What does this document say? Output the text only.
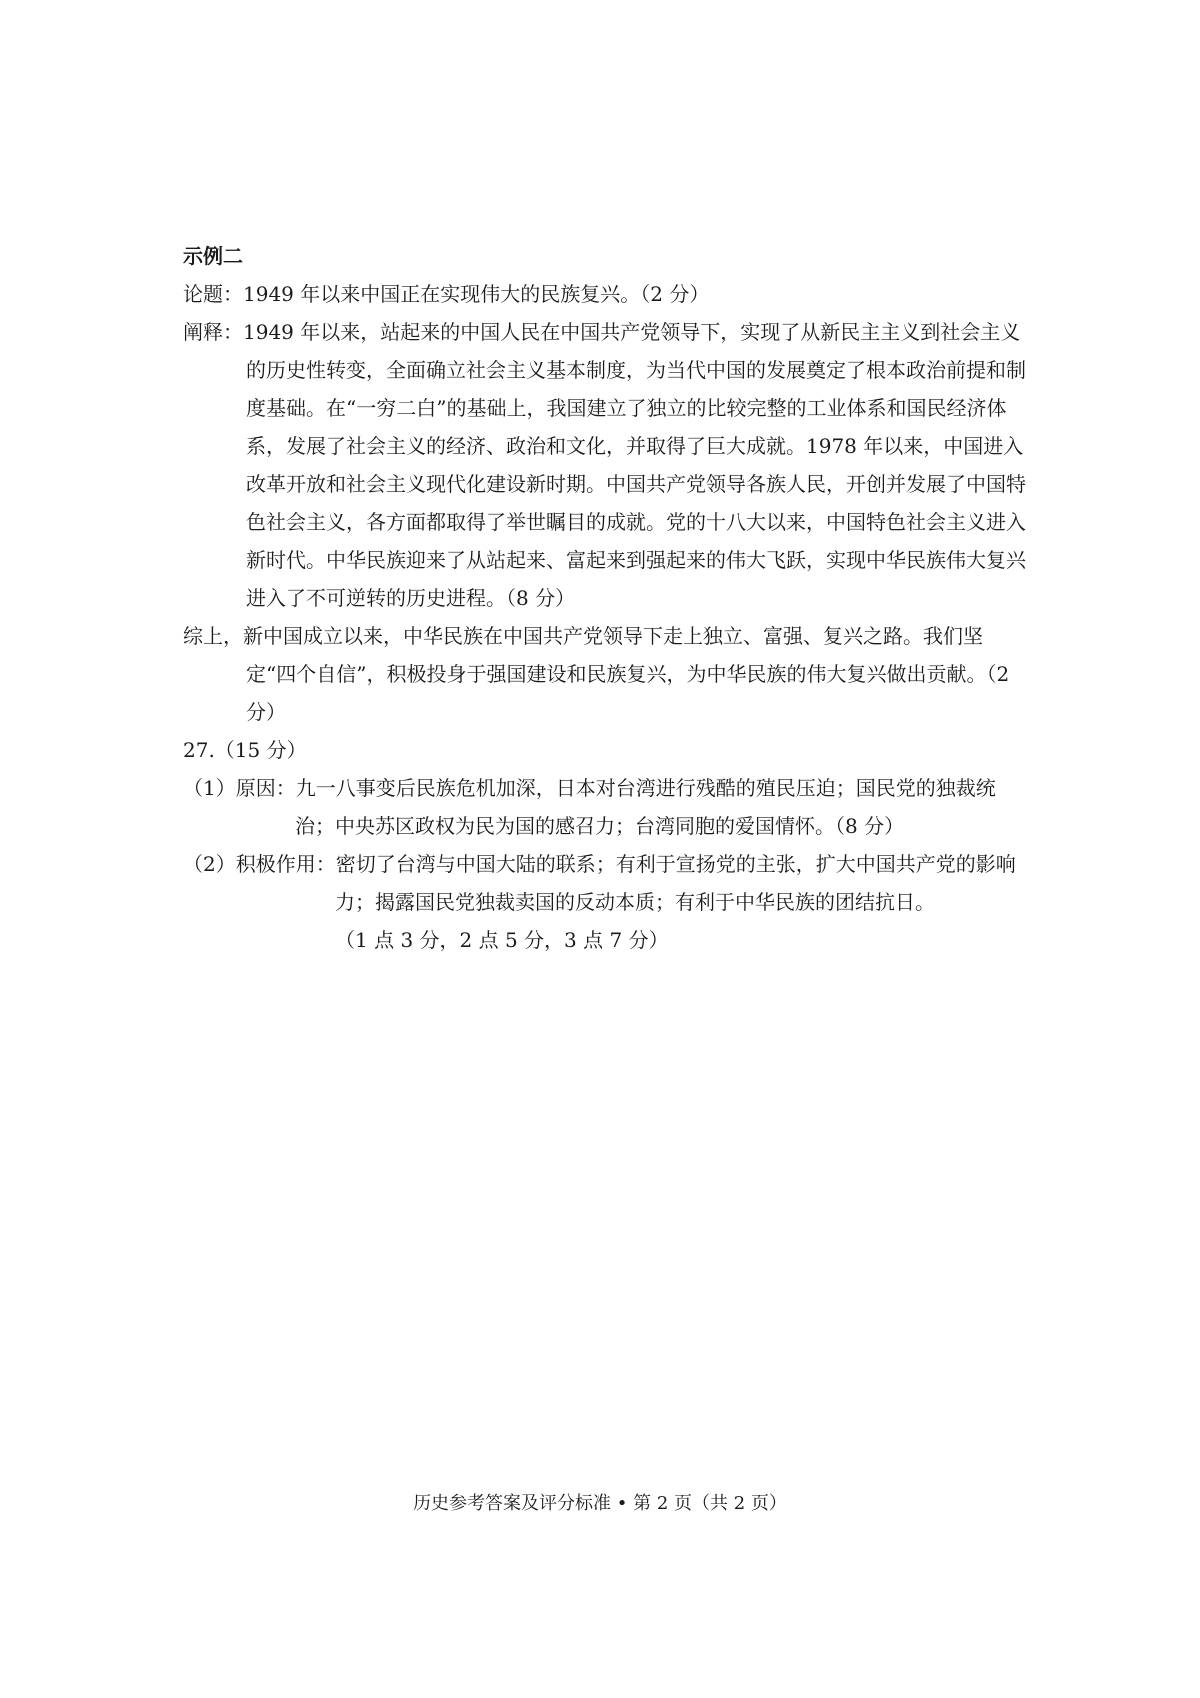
示例二

论题：1949 年以来中国正在实现伟大的民族复兴。（2 分）

阐释：1949 年以来，站起来的中国人民在中国共产党领导下，实现了从新民主主义到社会主义的历史性转变，全面确立社会主义基本制度，为当代中国的发展奠定了根本政治前提和制度基础。在“一穷二白”的基础上，我国建立了独立的比较完整的工业体系和国民经济体系，发展了社会主义的经济、政治和文化，并取得了巨大成就。1978 年以来，中国进入改革开放和社会主义现代化建设新时期。中国共产党领导各族人民，开创并发展了中国特色社会主义，各方面都取得了举世瞩目的成就。党的十八大以来，中国特色社会主义进入新时代。中华民族迎来了从站起来、富起来到强起来的伟大飞跃，实现中华民族伟大复兴进入了不可逆转的历史进程。（8 分）

综上，新中国成立以来，中华民族在中国共产党领导下走上独立、富强、复兴之路。我们坚定“四个自信”，积极投身于强国建设和民族复兴，为中华民族的伟大复兴做出贡献。（2 分）

27.（15 分）

（1）原因：九一八事变后民族危机加深，日本对台湾进行残酷的殖民压迫；国民党的独裁统治；中央苏区政权为民为国的感召力；台湾同胞的爱国情怀。（8 分）

（2）积极作用：密切了台湾与中国大陆的联系；有利于宣扬党的主张，扩大中国共产党的影响力；揭露国民党独裁卖国的反动本质；有利于中华民族的团结抗日。

（1 点 3 分，2 点 5 分，3 点 7 分）

历史参考答案及评分标准 • 第 2 页（共 2 页）
